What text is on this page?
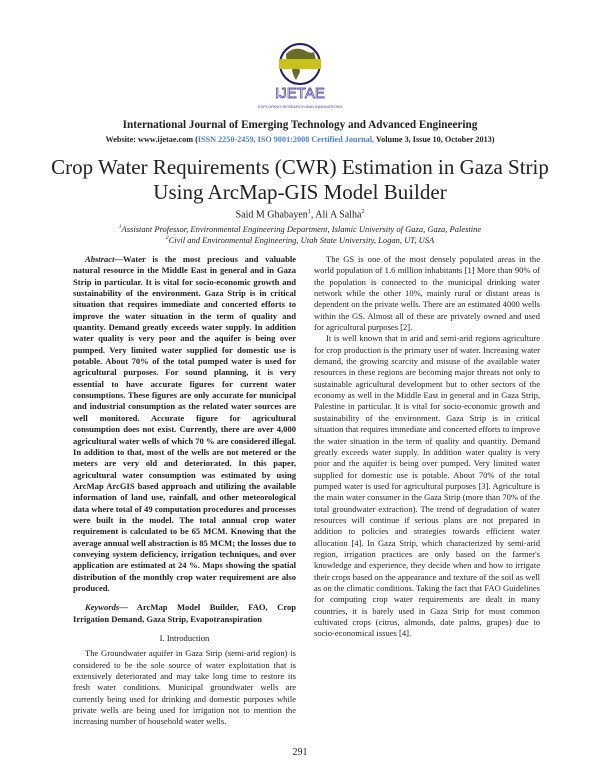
IJETAE
EXPLORING RESEARCH AND INNOVATIONS
International Journal of Emerging Technology and Advanced Engineering
Website: www.ijetae.com (ISSN 2250-2459, ISO 9001:2008 Certified Journal, Volume 3, Issue 10, October 2013)
Crop Water Requirements (CWR) Estimation in Gaza Strip
Using ArcMap-GIS Model Builder
Said M Ghabayen$^1$, Ali A Salha$^2$
$^1$Assistant Professor, Environmental Engineering Department, Islamic University of Gaza, Gaza, Palestine
$^2$Civil and Environmental Engineering, Utah State University, Logan, UT, USA

Abstract—Water is the most precious and valuable natural resource in the Middle East in general and in Gaza Strip in particular. It is vital for socio-economic growth and sustainability of the environment. Gaza Strip is in critical situation that requires immediate and concerted efforts to improve the water situation in the term of quality and quantity. Demand greatly exceeds water supply. In addition water quality is very poor and the aquifer is being over pumped. Very limited water supplied for domestic use is potable. About 70% of the total pumped water is used for agricultural purposes. For sound planning, it is very essential to have accurate figures for current water consumptions. These figures are only accurate for municipal and industrial consumption as the related water sources are well monitored. Accurate figure for agricultural consumption does not exist. Currently, there are over 4,000 agricultural water wells of which 70 % are considered illegal. In addition to that, most of the wells are not metered or the meters are very old and deteriorated. In this paper, agricultural water consumption was estimated by using ArcMap ArcGIS based approach and utilizing the available information of land use, rainfall, and other meteorological data where total of 49 computation procedures and processes were built in the model. The total annual crop water requirement is calculated to be 65 MCM. Knowing that the average annual well abstraction is 85 MCM; the losses due to conveying system deficiency, irrigation techniques, and over application are estimated at 24 %. Maps showing the spatial distribution of the monthly crop water requirement are also produced.

Keywords— ArcMap Model Builder, FAO, Crop Irrigation Demand, Gaza Strip, Evapotranspiration

I. Introduction

The Groundwater aquifer in Gaza Strip (semi-arid region) is considered to be the sole source of water exploitation that is extensively deteriorated and may take long time to restore its fresh water conditions. Municipal groundwater wells are currently being used for drinking and domestic purposes while private wells are being used for irrigation not to mention the increasing number of household water wells.

The GS is one of the most densely populated areas in the world population of 1.6 million inhabitants [1] More than 90% of the population is connected to the municipal drinking water network while the other 10%, mainly rural or distant areas is dependent on the private wells. There are an estimated 4000 wells within the GS. Almost all of these are privately owned and used for agricultural purposes [2].

It is well known that in arid and semi-arid regions agriculture for crop production is the primary user of water. Increasing water demand, the growing scarcity and misuse of the available water resources in these regions are becoming major threats not only to sustainable agricultural development but to other sectors of the economy as well in the Middle East in general and in Gaza Strip, Palestine in particular. It is vital for socio-economic growth and sustainability of the environment. Gaza Strip is in critical situation that requires immediate and concerted efforts to improve the water situation in the term of quality and quantity. Demand greatly exceeds water supply. In addition water quality is very poor and the aquifer is being over pumped. Very limited water supplied for domestic use is potable. About 70% of the total pumped water is used for agricultural purposes [3]. Agriculture is the main water consumer in the Gaza Strip (more than 70% of the total groundwater extraction). The trend of degradation of water resources will continue if serious plans are not prepared in addition to policies and strategies towards efficient water allocation [4]. In Gaza Strip, which characterized by semi-arid region, irrigation practices are only based on the farmer's knowledge and experience, they decide when and how to irrigate their crops based on the appearance and texture of the soil as well as on the climatic conditions. Taking the fact that FAO Guidelines for computing crop water requirements are dealt in many countries, it is barely used in Gaza Strip for most common cultivated crops (citrus, almonds, date palms, grapes) due to socio-economical issues [4].

291
